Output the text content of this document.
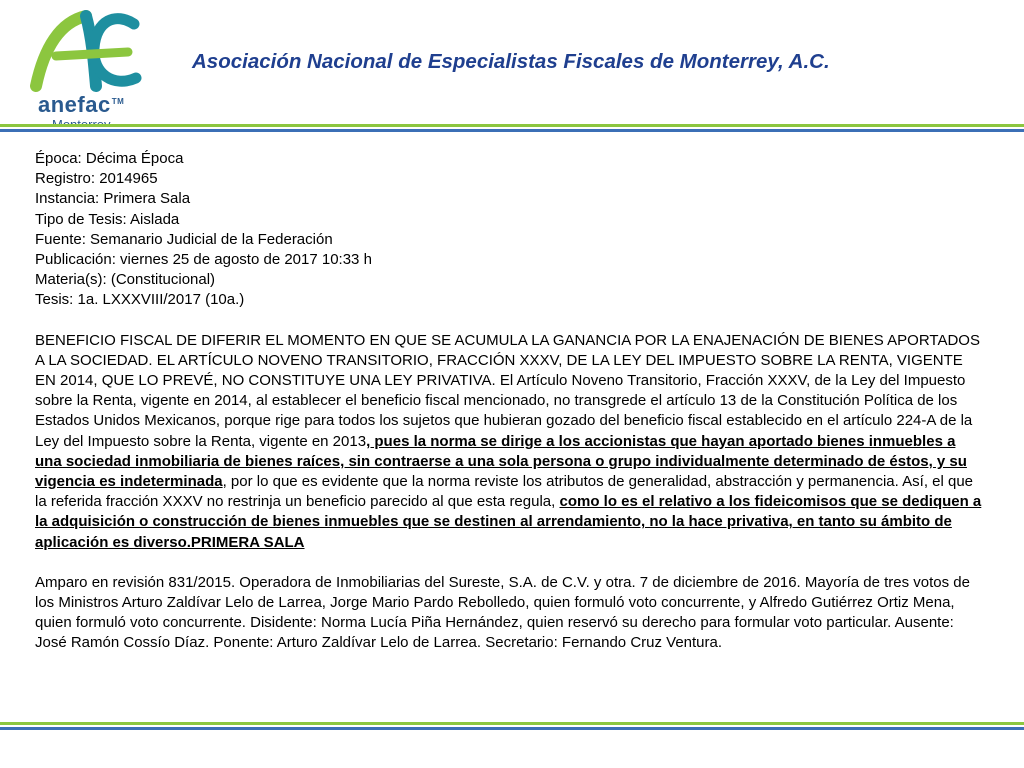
anefac™
Asociación Nacional de Especialistas Fiscales de Monterrey, A.C.

Época: Décima Época

Registro: 2014965

Instancia: Primera Sala

Tipo de Tesis: Aislada

Fuente: Semanario Judicial de la Federación

Publicación: viernes 25 de agosto de 2017 10:33 h

Materia(s): (Constitucional)

Tesis: 1a. LXXXVIII/2017 (10a.)

BENEFICIO FISCAL DE DIFERIR EL MOMENTO EN QUE SE ACUMULA LA GANANCIA POR LA ENAJENACIÓN DE BIENES APORTADOS A LA SOCIEDAD. EL ARTÍCULO NOVENO TRANSITORIO, FRACCIÓN XXXV, DE LA LEY DEL IMPUESTO SOBRE LA RENTA, VIGENTE EN 2014, QUE LO PREVÉ, NO CONSTITUYE UNA LEY PRIVATIVA. El Artículo Noveno Transitorio, Fracción XXXV, de la Ley del Impuesto sobre la Renta, vigente en 2014, al establecer el beneficio fiscal mencionado, no transgrede el artículo 13 de la Constitución Política de los Estados Unidos Mexicanos, porque rige para todos los sujetos que hubieran gozado del beneficio fiscal establecido en el artículo 224-A de la Ley del Impuesto sobre la Renta, vigente en 2013, pues la norma se dirige a los accionistas que hayan aportado bienes inmuebles a una sociedad inmobiliaria de bienes raíces, sin contraerse a una sola persona o grupo individualmente determinado de éstos, y su vigencia es indeterminada, por lo que es evidente que la norma reviste los atributos de generalidad, abstracción y permanencia. Así, el que la referida fracción XXXV no restrinja un beneficio parecido al que esta regula, como lo es el relativo a los fideicomisos que se dediquen a la adquisición o construcción de bienes inmuebles que se destinen al arrendamiento, no la hace privativa, en tanto su ámbito de aplicación es diverso.PRIMERA SALA

Amparo en revisión 831/2015. Operadora de Inmobiliarias del Sureste, S.A. de C.V. y otra. 7 de diciembre de 2016. Mayoría de tres votos de los Ministros Arturo Zaldívar Lelo de Larrea, Jorge Mario Pardo Rebolledo, quien formuló voto concurrente, y Alfredo Gutiérrez Ortiz Mena, quien formuló voto concurrente. Disidente: Norma Lucía Piña Hernández, quien reservó su derecho para formular voto particular. Ausente: José Ramón Cossío Díaz. Ponente: Arturo Zaldívar Lelo de Larrea. Secretario: Fernando Cruz Ventura.
